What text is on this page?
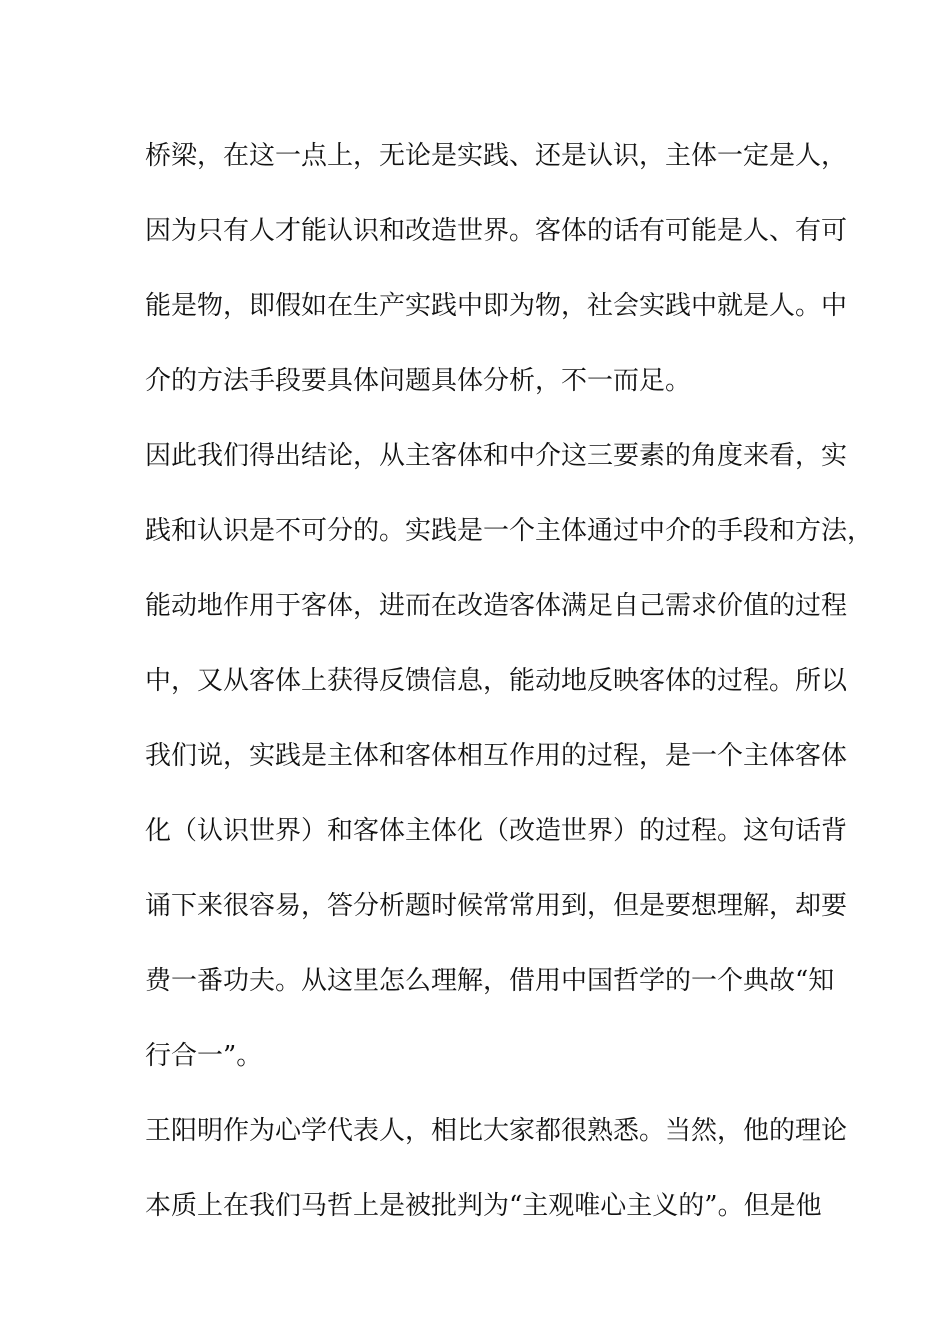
桥梁，在这一点上，无论是实践、还是认识，主体一定是人，
因为只有人才能认识和改造世界。客体的话有可能是人、有可
能是物，即假如在生产实践中即为物，社会实践中就是人。中
介的方法手段要具体问题具体分析，不一而足。
因此我们得出结论，从主客体和中介这三要素的角度来看，实
践和认识是不可分的。实践是一个主体通过中介的手段和方法，
能动地作用于客体，进而在改造客体满足自己需求价值的过程
中，又从客体上获得反馈信息，能动地反映客体的过程。所以
我们说，实践是主体和客体相互作用的过程，是一个主体客体
化（认识世界）和客体主体化（改造世界）的过程。这句话背
诵下来很容易，答分析题时候常常用到，但是要想理解，却要
费一番功夫。从这里怎么理解，借用中国哲学的一个典故“知
行合一”。
王阳明作为心学代表人，相比大家都很熟悉。当然，他的理论
本质上在我们马哲上是被批判为“主观唯心主义的”。但是他
